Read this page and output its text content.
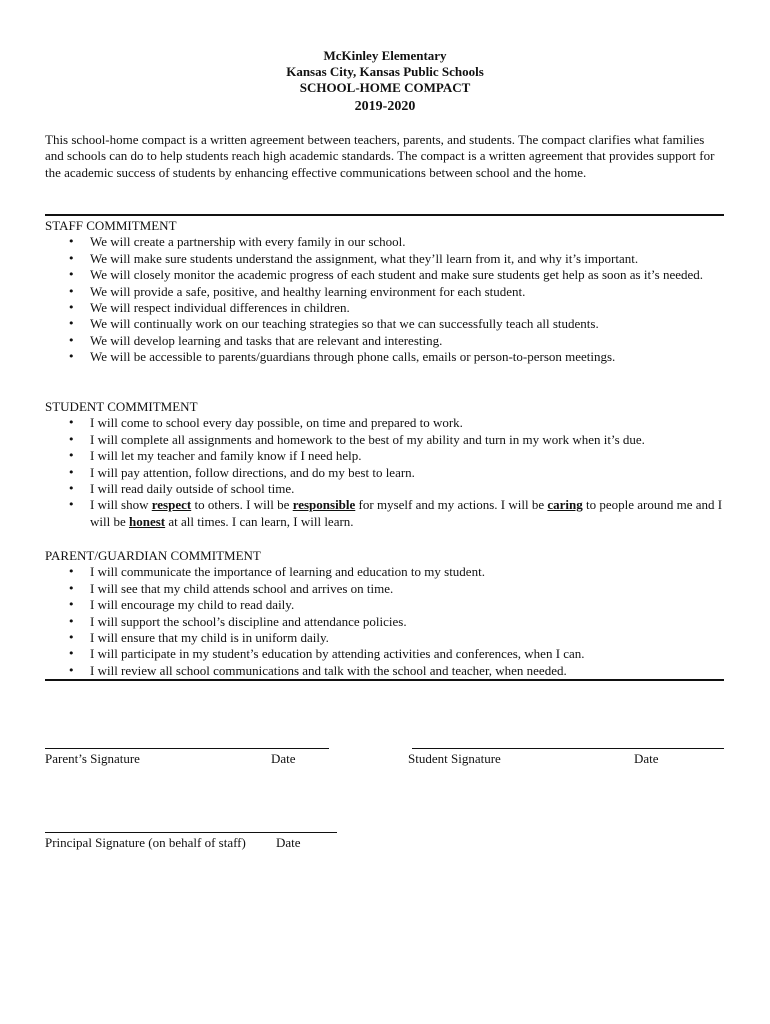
McKinley Elementary
Kansas City, Kansas Public Schools
SCHOOL-HOME COMPACT
2019-2020
This school-home compact is a written agreement between teachers, parents, and students. The compact clarifies what families and schools can do to help students reach high academic standards. The compact is a written agreement that provides support for the academic success of students by enhancing effective communications between school and the home.
STAFF COMMITMENT
• We will create a partnership with every family in our school.
• We will make sure students understand the assignment, what they’ll learn from it, and why it’s important.
• We will closely monitor the academic progress of each student and make sure students get help as soon as it’s needed.
• We will provide a safe, positive, and healthy learning environment for each student.
• We will respect individual differences in children.
• We will continually work on our teaching strategies so that we can successfully teach all students.
• We will develop learning and tasks that are relevant and interesting.
• We will be accessible to parents/guardians through phone calls, emails or person-to-person meetings.
STUDENT COMMITMENT
• I will come to school every day possible, on time and prepared to work.
• I will complete all assignments and homework to the best of my ability and turn in my work when it’s due.
• I will let my teacher and family know if I need help.
• I will pay attention, follow directions, and do my best to learn.
• I will read daily outside of school time.
• I will show respect to others. I will be responsible for myself and my actions. I will be caring to people around me and I will be honest at all times. I can learn, I will learn.
PARENT/GUARDIAN COMMITMENT
• I will communicate the importance of learning and education to my student.
• I will see that my child attends school and arrives on time.
• I will encourage my child to read daily.
• I will support the school’s discipline and attendance policies.
• I will ensure that my child is in uniform daily.
• I will participate in my student’s education by attending activities and conferences, when I can.
• I will review all school communications and talk with the school and teacher, when needed.
Parent’s Signature	Date	Student Signature	Date
Principal Signature (on behalf of staff) Date
